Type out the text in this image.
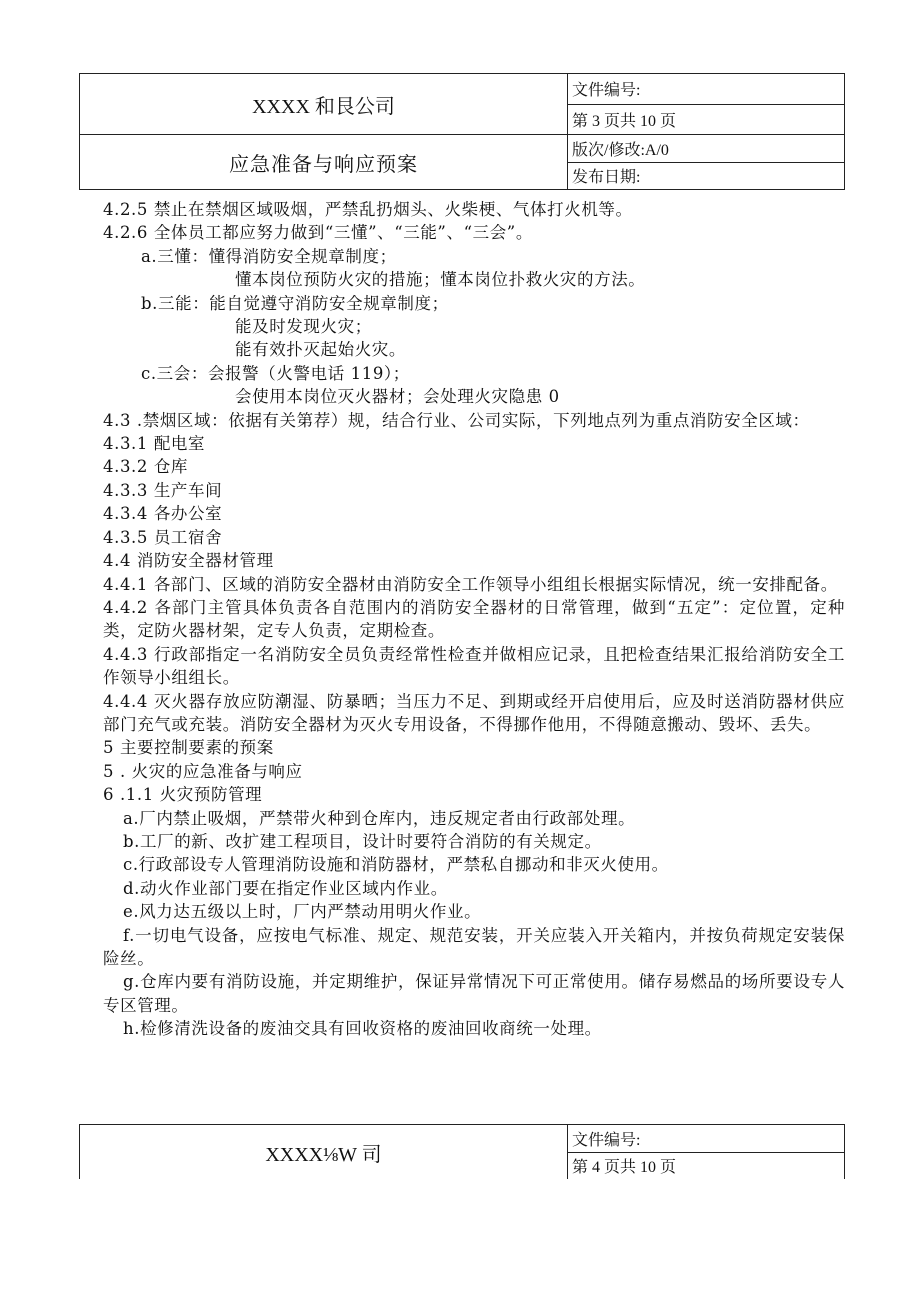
XXXX 和艮公司	文件编号:
	第 3 页共 10 页
应急准备与响应预案	版次/修改:A/0
	发布日期:

4.2.5 禁止在禁烟区域吸烟，严禁乱扔烟头、火柴梗、气体打火机等。

4.2.6 全体员工都应努力做到“三懂”、“三能”、“三会”。

a.三懂：懂得消防安全规章制度；

懂本岗位预防火灾的措施；懂本岗位扑救火灾的方法。

b.三能：能自觉遵守消防安全规章制度；

能及时发现火灾；

能有效扑灭起始火灾。

c.三会：会报警（火警电话 119）；

会使用本岗位灭火器材；会处理火灾隐患 0

4.3 .禁烟区域：依据有关第荐）规，结合行业、公司实际，下列地点列为重点消防安全区域：

4.3.1 配电室

4.3.2 仓库

4.3.3 生产车间

4.3.4 各办公室

4.3.5 员工宿舍

4.4 消防安全器材管理

4.4.1 各部门、区域的消防安全器材由消防安全工作领导小组组长根据实际情况，统一安排配备。

4.4.2 各部门主管具体负责各自范围内的消防安全器材的日常管理，做到“五定”：定位置，定种类，定防火器材架，定专人负责，定期检查。

4.4.3 行政部指定一名消防安全员负责经常性检查并做相应记录，且把检查结果汇报给消防安全工作领导小组组长。

4.4.4 灭火器存放应防潮湿、防暴晒；当压力不足、到期或经开启使用后，应及时送消防器材供应部门充气或充装。消防安全器材为灭火专用设备，不得挪作他用，不得随意搬动、毁坏、丢失。

5 主要控制要素的预案

5 . 火灾的应急准备与响应

6 .1.1 火灾预防管理

a.厂内禁止吸烟，严禁带火种到仓库内，违反规定者由行政部处理。

b.工厂的新、改扩建工程项目，设计时要符合消防的有关规定。

c.行政部设专人管理消防设施和消防器材，严禁私自挪动和非灭火使用。

d.动火作业部门要在指定作业区域内作业。

e.风力达五级以上时，厂内严禁动用明火作业。

f.一切电气设备，应按电气标准、规定、规范安装，开关应装入开关箱内，并按负荷规定安装保险丝。

g.仓库内要有消防设施，并定期维护，保证异常情况下可正常使用。储存易燃品的场所要设专人专区管理。

h.检修清洗设备的废油交具有回收资格的废油回收商统一处理。

XXXX⅛W 司	文件编号:
第 4 页共 10 页
